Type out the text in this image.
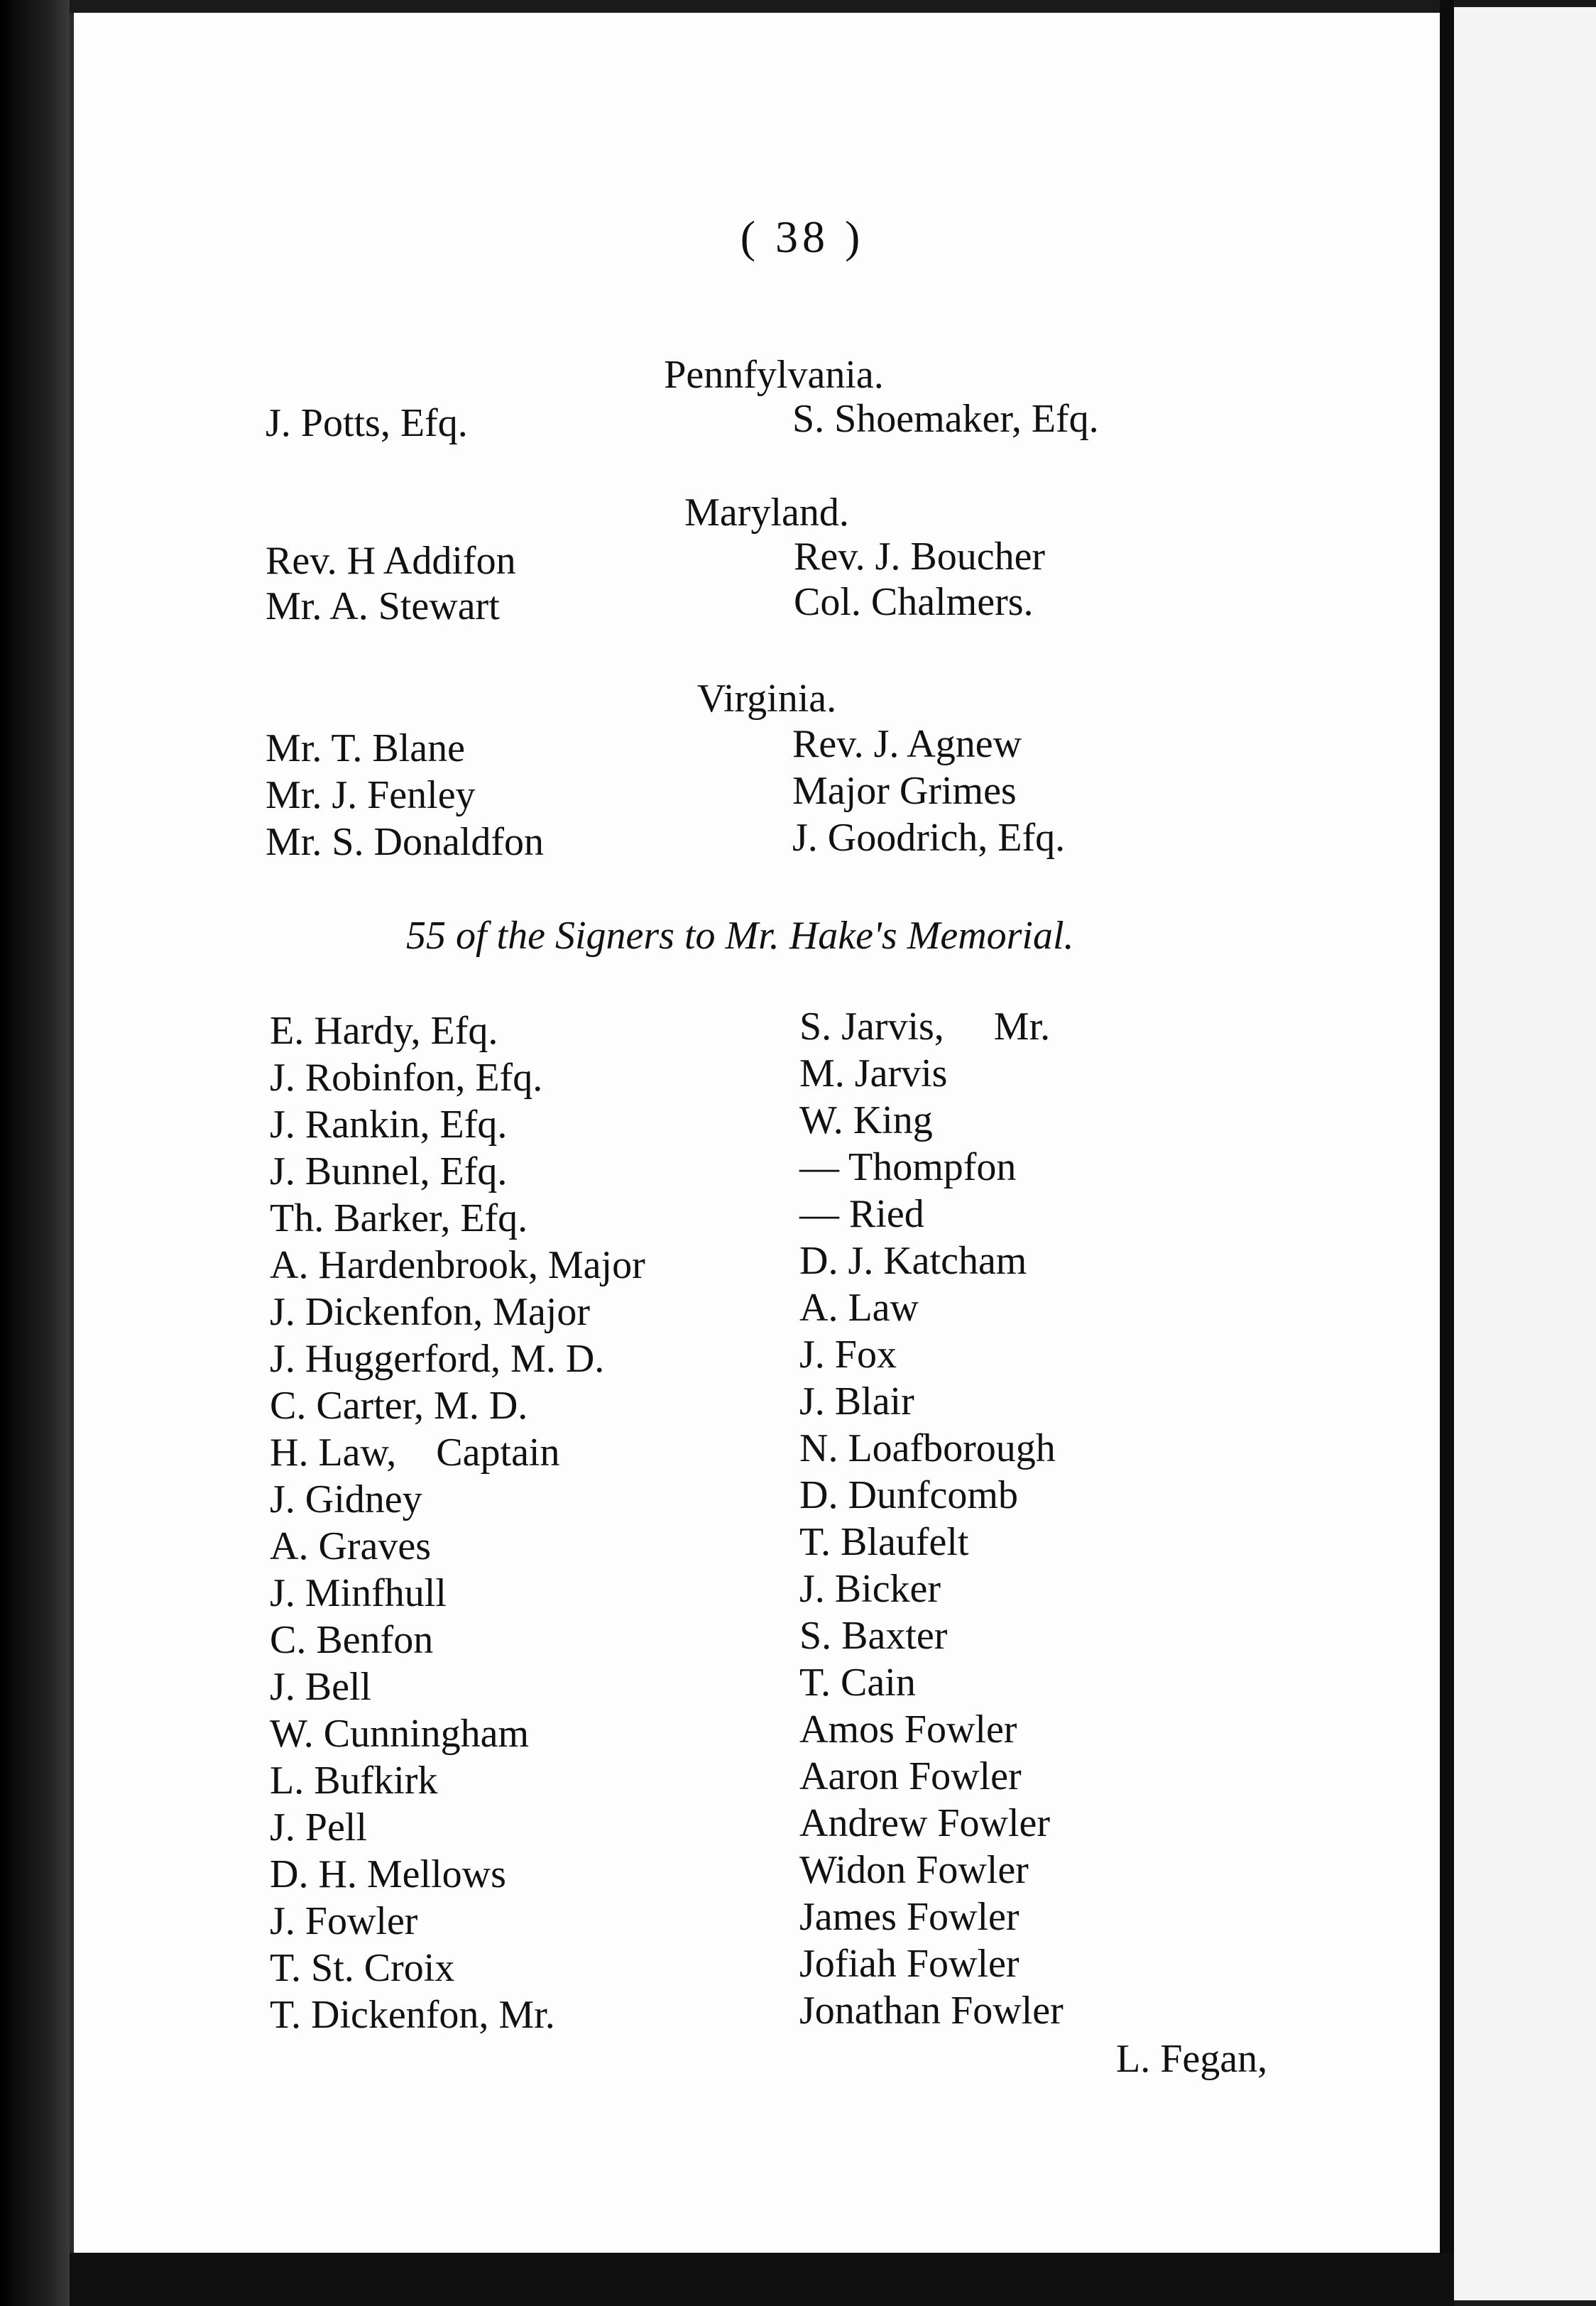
( 38 )
Pennfylvania.
J. Potts, Efq.	S. Shoemaker, Efq.
Maryland.
Rev. H Addifon
Mr. A. Stewart
Rev. J. Boucher
Col. Chalmers.
Virginia.
Mr. T. Blane
Mr. J. Fenley
Mr. S. Donaldfon
Rev. J. Agnew
Major Grimes
J. Goodrich, Efq.
55 of the Signers to Mr. Hake's Memorial.
E. Hardy, Efq.
J. Robinfon, Efq.
J. Rankin, Efq.
J. Bunnel, Efq.
Th. Barker, Efq.
A. Hardenbrook, Major
J. Dickenfon, Major
J. Huggerford, M. D.
C. Carter, M. D.
H. Law,    Captain
J. Gidney
A. Graves
J. Minfhull
C. Benfon
J. Bell
W. Cunningham
L. Bufkirk
J. Pell
D. H. Mellows
J. Fowler
T. St. Croix
T. Dickenfon, Mr.
S. Jarvis,     Mr.
M. Jarvis
W. King
— Thompfon
— Ried
D. J. Katcham
A. Law
J. Fox
J. Blair
N. Loafborough
D. Dunfcomb
T. Blaufelt
J. Bicker
S. Baxter
T. Cain
Amos Fowler
Aaron Fowler
Andrew Fowler
Widon Fowler
James Fowler
Jofiah Fowler
Jonathan Fowler
L. Fegan,
